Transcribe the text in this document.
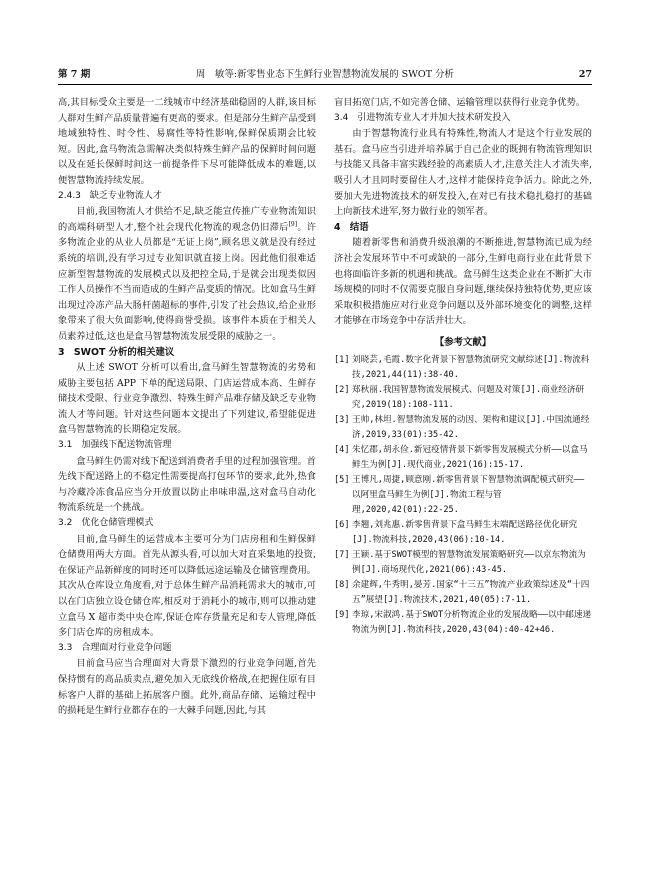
第 7 期	周　敏等:新零售业态下生鲜行业智慧物流发展的 SWOT 分析	27

高,其目标受众主要是一二线城市中经济基础稳固的人群,该目标人群对生鲜产品质量普遍有更高的要求。但是部分生鲜产品受到地域独特性、时令性、易腐性等特性影响,保鲜保质期会比较短。因此,盒马物流急需解决类似特殊生鲜产品的保鲜时间问题以及在延长保鲜时间这一前提条件下尽可能降低成本的难题,以便智慧物流持续发展。

2.4.3　缺乏专业物流人才

目前,我国物流人才供给不足,缺乏能宣传推广专业物流知识的高端科研型人才,整个社会现代化物流的观念仍旧滞后[9]。许多物流企业的从业人员都是“无证上岗”,顾名思义就是没有经过系统的培训,没有学习过专业知识就直接上岗。因此他们很难适应新型智慧物流的发展模式以及把控全局,于是就会出现类似因工作人员操作不当而造成的生鲜产品变质的情况。比如盒马生鲜出现过冷冻产品大肠杆菌超标的事件,引发了社会热议,给企业形象带来了很大负面影响,使得商誉受损。该事件本质在于相关人员素养过低,这也是盒马智慧物流发展受限的威胁之一。

3　SWOT 分析的相关建议

从上述 SWOT 分析可以看出,盒马鲜生智慧物流的劣势和威胁主要包括 APP 下单的配送局限、门店运营成本高、生鲜存储技术受限、行业竞争激烈、特殊生鲜产品难存储及缺乏专业物流人才等问题。针对这些问题本文提出了下列建议,希望能促进盒马智慧物流的长期稳定发展。

3.1　加强线下配送物流管理

盒马鲜生仍需对线下配送到消费者手里的过程加强管理。首先线下配送路上的不稳定性需要提高打包环节的要求,此外,热食与冷藏冷冻食品应当分开放置以防止串味串温,这对盒马自动化物流系统是一个挑战。

3.2　优化仓储管理模式

目前,盒马鲜生的运营成本主要可分为门店房租和生鲜保鲜仓储费用两大方面。首先从源头看,可以加大对直采集地的投资,在保证产品新鲜度的同时还可以降低远途运输及仓储管理费用。其次从仓库设立角度看,对于总体生鲜产品消耗需求大的城市,可以在门店独立设仓储仓库,相反对于消耗小的城市,则可以推动建立盒马 X 超市类中央仓库,保证仓库存货量充足和专人管理,降低多门店仓库的房租成本。

3.3　合理面对行业竞争问题

目前盒马应当合理面对大背景下激烈的行业竞争问题,首先保持惯有的高品质卖点,避免加入无底线价格战,在把握住原有目标客户人群的基础上拓展客户圈。此外,商品存储、运输过程中的损耗是生鲜行业都存在的一大棘手问题,因此,与其

盲目拓宽门店,不如完善仓储、运输管理以获得行业竞争优势。

3.4　引进物流专业人才并加大技术研发投入

由于智慧物流行业具有特殊性,物流人才是这个行业发展的基石。盒马应当引进并培养属于自己企业的既拥有物流管理知识与技能又具备丰富实践经验的高素质人才,注意关注人才流失率,吸引人才且同时要留住人才,这样才能保持竞争活力。除此之外,要加大先进物流技术的研发投入,在对已有技术稳扎稳打的基础上向新技术进军,努力做行业的领军者。

4　结语

随着新零售和消费升级浪潮的不断推进,智慧物流已成为经济社会发展环节中不可或缺的一部分,生鲜电商行业在此背景下也将面临许多新的机遇和挑战。盒马鲜生这类企业在不断扩大市场规模的同时不仅需要克服自身问题,继续保持独特优势,更应该采取积极措施应对行业竞争问题以及外部环境变化的调整,这样才能够在市场竞争中存活并壮大。

【参考文献】
[1] 刘晓芸,毛霞.数字化背景下智慧物流研究文献综述[J].物流科技,2021,44(11):38-40.
[2] 郑秋丽.我国智慧物流发展模式、问题及对策[J].商业经济研究,2019(18):108-111.
[3] 王帅,林坦.智慧物流发展的动因、架构和建议[J].中国流通经济,2019,33(01):35-42.
[4] 朱忆郡,胡永俭.新冠疫情背景下新零售发展模式分析——以盒马鲜生为例[J].现代商业,2021(16):15-17.
[5] 王博凡,周捷,顾意刚.新零售背景下智慧物流调配模式研究——以阿里盒马鲜生为例[J].物流工程与管理,2020,42(01):22-25.
[6] 李翘,刘兆惠.新零售背景下盒马鲜生末端配送路径优化研究[J].物流科技,2020,43(06):10-14.
[7] 王颖.基于SWOT模型的智慧物流发展策略研究——以京东物流为例[J].商场现代化,2021(06):43-45.
[8] 余建辉,牛秀明,晏芳.国家“十三五”物流产业政策综述及“十四五”展望[J].物流技术,2021,40(05):7-11.
[9] 李琼,宋淑鸿.基于SWOT分析物流企业的发展战略——以中邮速递物流为例[J].物流科技,2020,43(04):40-42+46.
